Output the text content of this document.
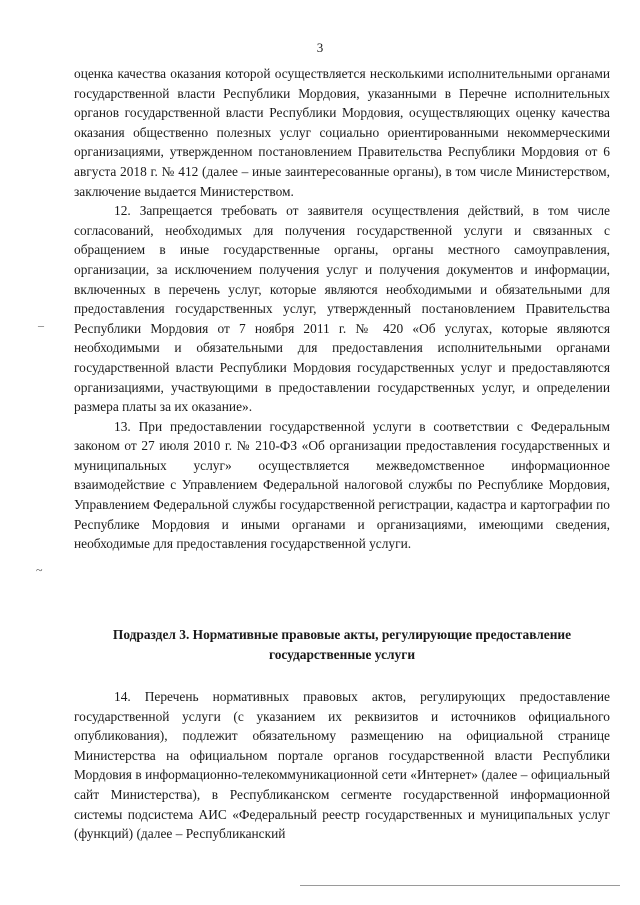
3
–
~

оценка качества оказания которой осуществляется несколькими исполнительными органами государственной власти Республики Мордовия, указанными в Перечне исполнительных органов государственной власти Республики Мордовия, осуществляющих оценку качества оказания общественно полезных услуг социально ориентированными некоммерческими организациями, утвержденном постановлением Правительства Республики Мордовия от 6 августа 2018 г. № 412 (далее – иные заинтересованные органы), в том числе Министерством, заключение выдается Министерством.

12. Запрещается требовать от заявителя осуществления действий, в том числе согласований, необходимых для получения государственной услуги и связанных с обращением в иные государственные органы, органы местного самоуправления, организации, за исключением получения услуг и получения документов и информации, включенных в перечень услуг, которые являются необходимыми и обязательными для предоставления государственных услуг, утвержденный постановлением Правительства Республики Мордовия от 7 ноября 2011 г. № 420 «Об услугах, которые являются необходимыми и обязательными для предоставления исполнительными органами государственной власти Республики Мордовия государственных услуг и предоставляются организациями, участвующими в предоставлении государственных услуг, и определении размера платы за их оказание».

13. При предоставлении государственной услуги в соответствии с Федеральным законом от 27 июля 2010 г. № 210-ФЗ «Об организации предоставления государственных и муниципальных услуг» осуществляется межведомственное информационное взаимодействие с Управлением Федеральной налоговой службы по Республике Мордовия, Управлением Федеральной службы государственной регистрации, кадастра и картографии по Республике Мордовия и иными органами и организациями, имеющими сведения, необходимые для предоставления государственной услуги.

Подраздел 3. Нормативные правовые акты, регулирующие предоставление государственные услуги

14. Перечень нормативных правовых актов, регулирующих предоставление государственной услуги (с указанием их реквизитов и источников официального опубликования), подлежит обязательному размещению на официальной странице Министерства на официальном портале органов государственной власти Республики Мордовия в информационно-телекоммуникационной сети «Интернет» (далее – официальный сайт Министерства), в Республиканском сегменте государственной информационной системы подсистема АИС «Федеральный реестр государственных и муниципальных услуг (функций) (далее – Республиканский
